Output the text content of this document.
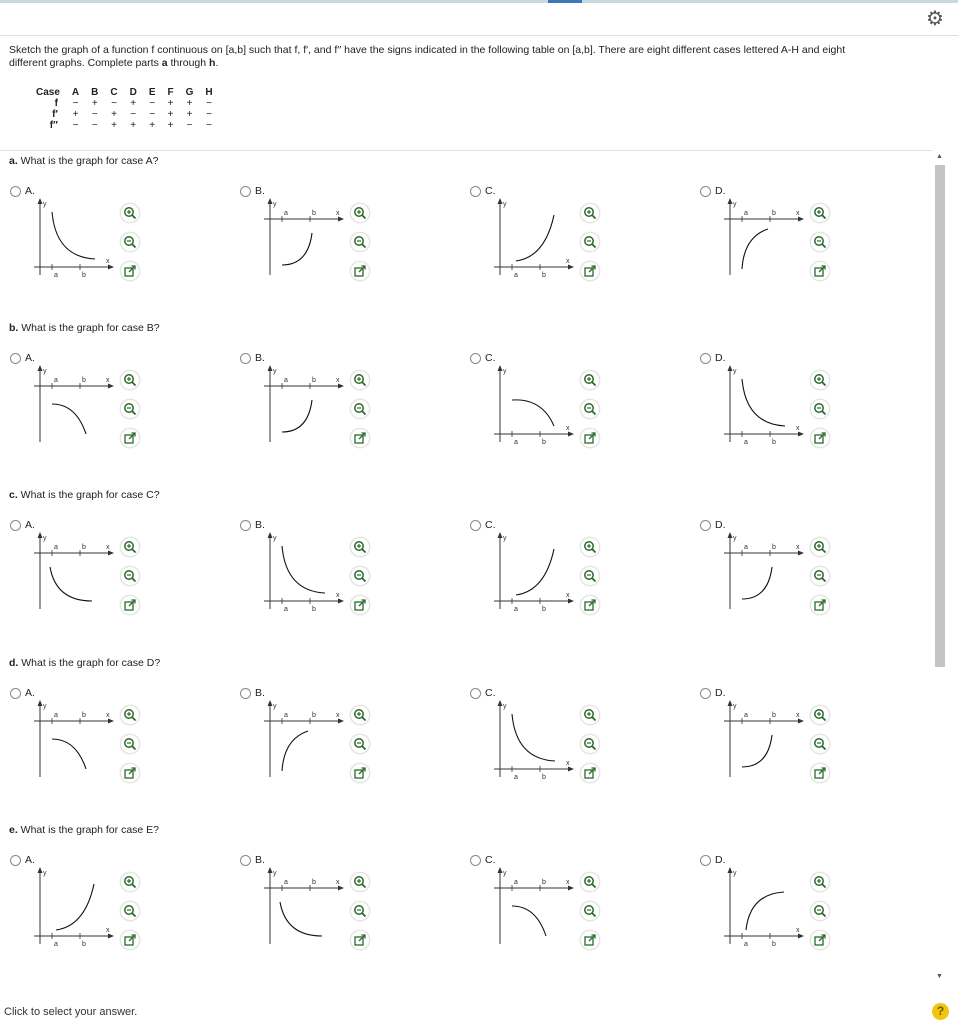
⚙
Sketch the graph of a function f continuous on [a,b] such that f, f′, and f′′ have the signs indicated in the following table on [a,b]. There are eight different cases lettered A-H and eight
different graphs. Complete parts a through h.
Case	A	B	C	D	E	F	G	H
f	−	+	−	+	−	+	+	−
f′	+	−	+	−	−	+	+	−
f′′	−	−	+	+	+	+	−	−
▲
▼
a. What is the graph for case A?
A.
y
x
a	b
B.
y
x
a	b
C.
y
x
a	b
D.
y
x
a	b
b. What is the graph for case B?
A.
y
x
a	b
B.
y
x
a	b
C.
y
x
a	b
D.
y
x
a	b
c. What is the graph for case C?
A.
y
x
a	b
B.
y
x
a	b
C.
y
x
a	b
D.
y
x
a	b
d. What is the graph for case D?
A.
y
x
a	b
B.
y
x
a	b
C.
y
x
a	b
D.
y
x
a	b
e. What is the graph for case E?
A.
y
x
a	b
B.
y
x
a	b
C.
y
x
a	b
D.
y
x
a	b
Click to select your answer.	?
